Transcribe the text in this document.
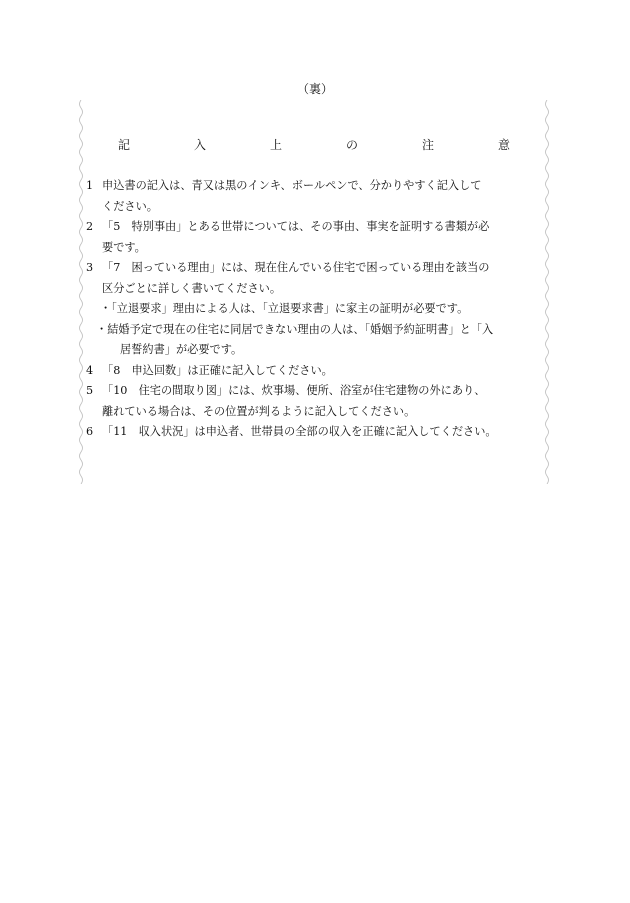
（裏）
記　入　上　の　注　意
1 申込書の記入は、青又は黒のインキ、ボールペンで、分かりやすく記入して
ください。
2 「5　特別事由」とある世帯については、その事由、事実を証明する書類が必
要です。
3 「7　困っている理由」には、現在住んでいる住宅で困っている理由を該当の
区分ごとに詳しく書いてください。
・「立退要求」理由による人は、「立退要求書」に家主の証明が必要です。
・結婚予定で現在の住宅に同居できない理由の人は、「婚姻予約証明書」と「入
居誓約書」が必要です。
4 「8　申込回数」は正確に記入してください。
5 「10　住宅の間取り図」には、炊事場、便所、浴室が住宅建物の外にあり、
離れている場合は、その位置が判るように記入してください。
6 「11　収入状況」は申込者、世帯員の全部の収入を正確に記入してください。
